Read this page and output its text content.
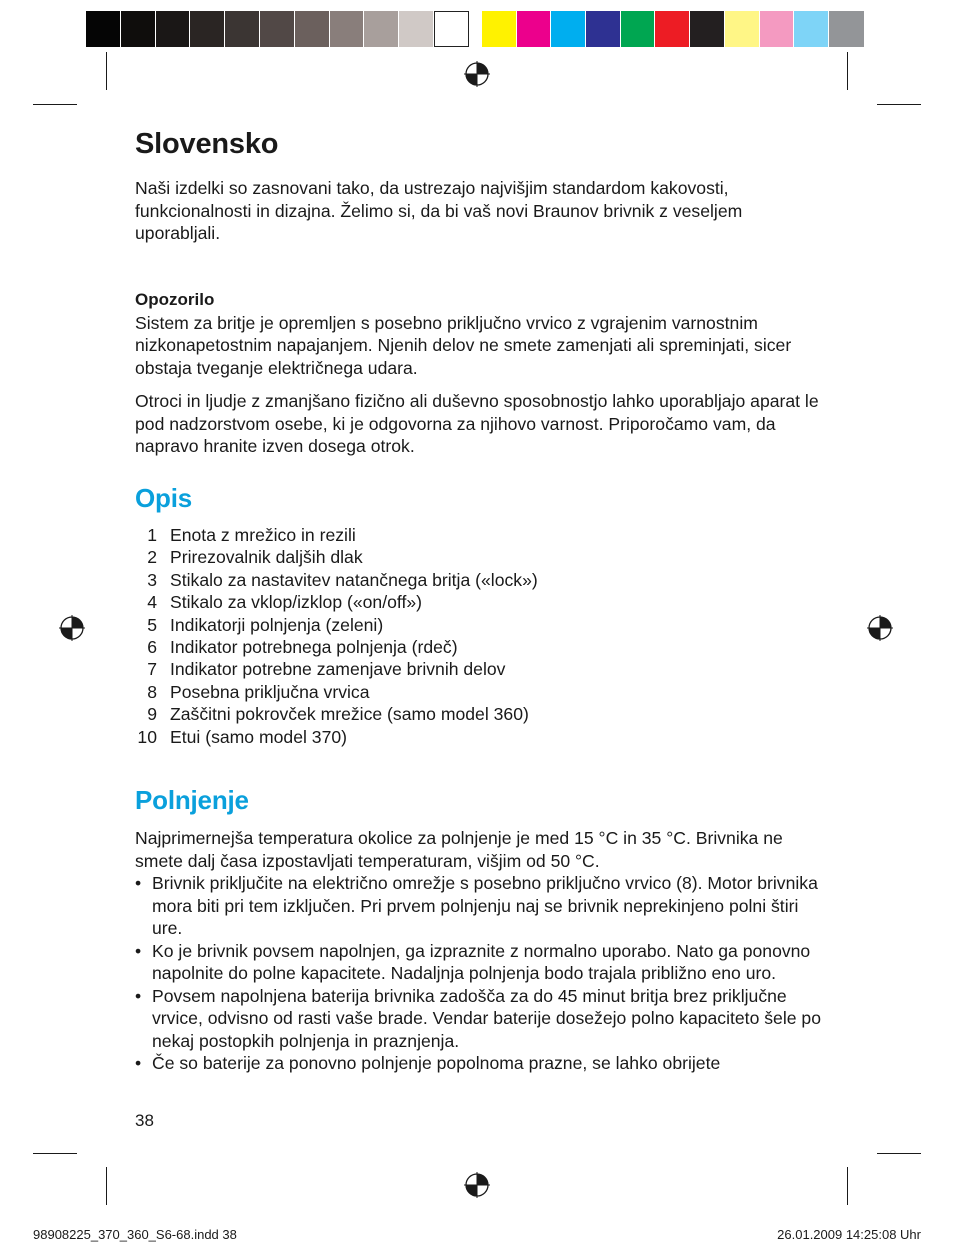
Slovensko

Naši izdelki so zasnovani tako, da ustrezajo najvišjim standardom kakovosti, funkcionalnosti in dizajna. Želimo si, da bi vaš novi Braunov brivnik z veseljem uporabljali.

Opozorilo

Sistem za britje je opremljen s posebno priključno vrvico z vgrajenim varnostnim nizkonapetostnim napajanjem. Njenih delov ne smete zamenjati ali spreminjati, sicer obstaja tveganje električnega udara.

Otroci in ljudje z zmanjšano fizično ali duševno sposobnostjo lahko uporabljajo aparat le pod nadzorstvom osebe, ki je odgovorna za njihovo varnost. Priporočamo vam, da napravo hranite izven dosega otrok.

Opis
1 Enota z mrežico in rezili
2 Prirezovalnik daljših dlak
3 Stikalo za nastavitev natančnega britja («lock»)
4 Stikalo za vklop/izklop («on/off»)
5 Indikatorji polnjenja (zeleni)
6 Indikator potrebnega polnjenja (rdeč)
7 Indikator potrebne zamenjave brivnih delov
8 Posebna priključna vrvica
9 Zaščitni pokrovček mrežice (samo model 360)
10 Etui (samo model 370)
Polnjenje

Najprimernejša temperatura okolice za polnjenje je med 15 °C in 35 °C. Brivnika ne smete dalj časa izpostavljati temperaturam, višjim od 50 °C.

• Brivnik priključite na električno omrežje s posebno priključno vrvico (8). Motor brivnika mora biti pri tem izključen. Pri prvem polnjenju naj se brivnik neprekinjeno polni štiri ure.
• Ko je brivnik povsem napolnjen, ga izpraznite z normalno uporabo. Nato ga ponovno napolnite do polne kapacitete. Nadaljnja polnjenja bodo trajala približno eno uro.
• Povsem napolnjena baterija brivnika zadošča za do 45 minut britja brez priključne vrvice, odvisno od rasti vaše brade. Vendar baterije dosežejo polno kapaciteto šele po nekaj postopkih polnjenja in praznjenja.
• Če so baterije za ponovno polnjenje popolnoma prazne, se lahko obrijete
38
98908225_370_360_S6-68.indd 38	26.01.2009 14:25:08 Uhr
